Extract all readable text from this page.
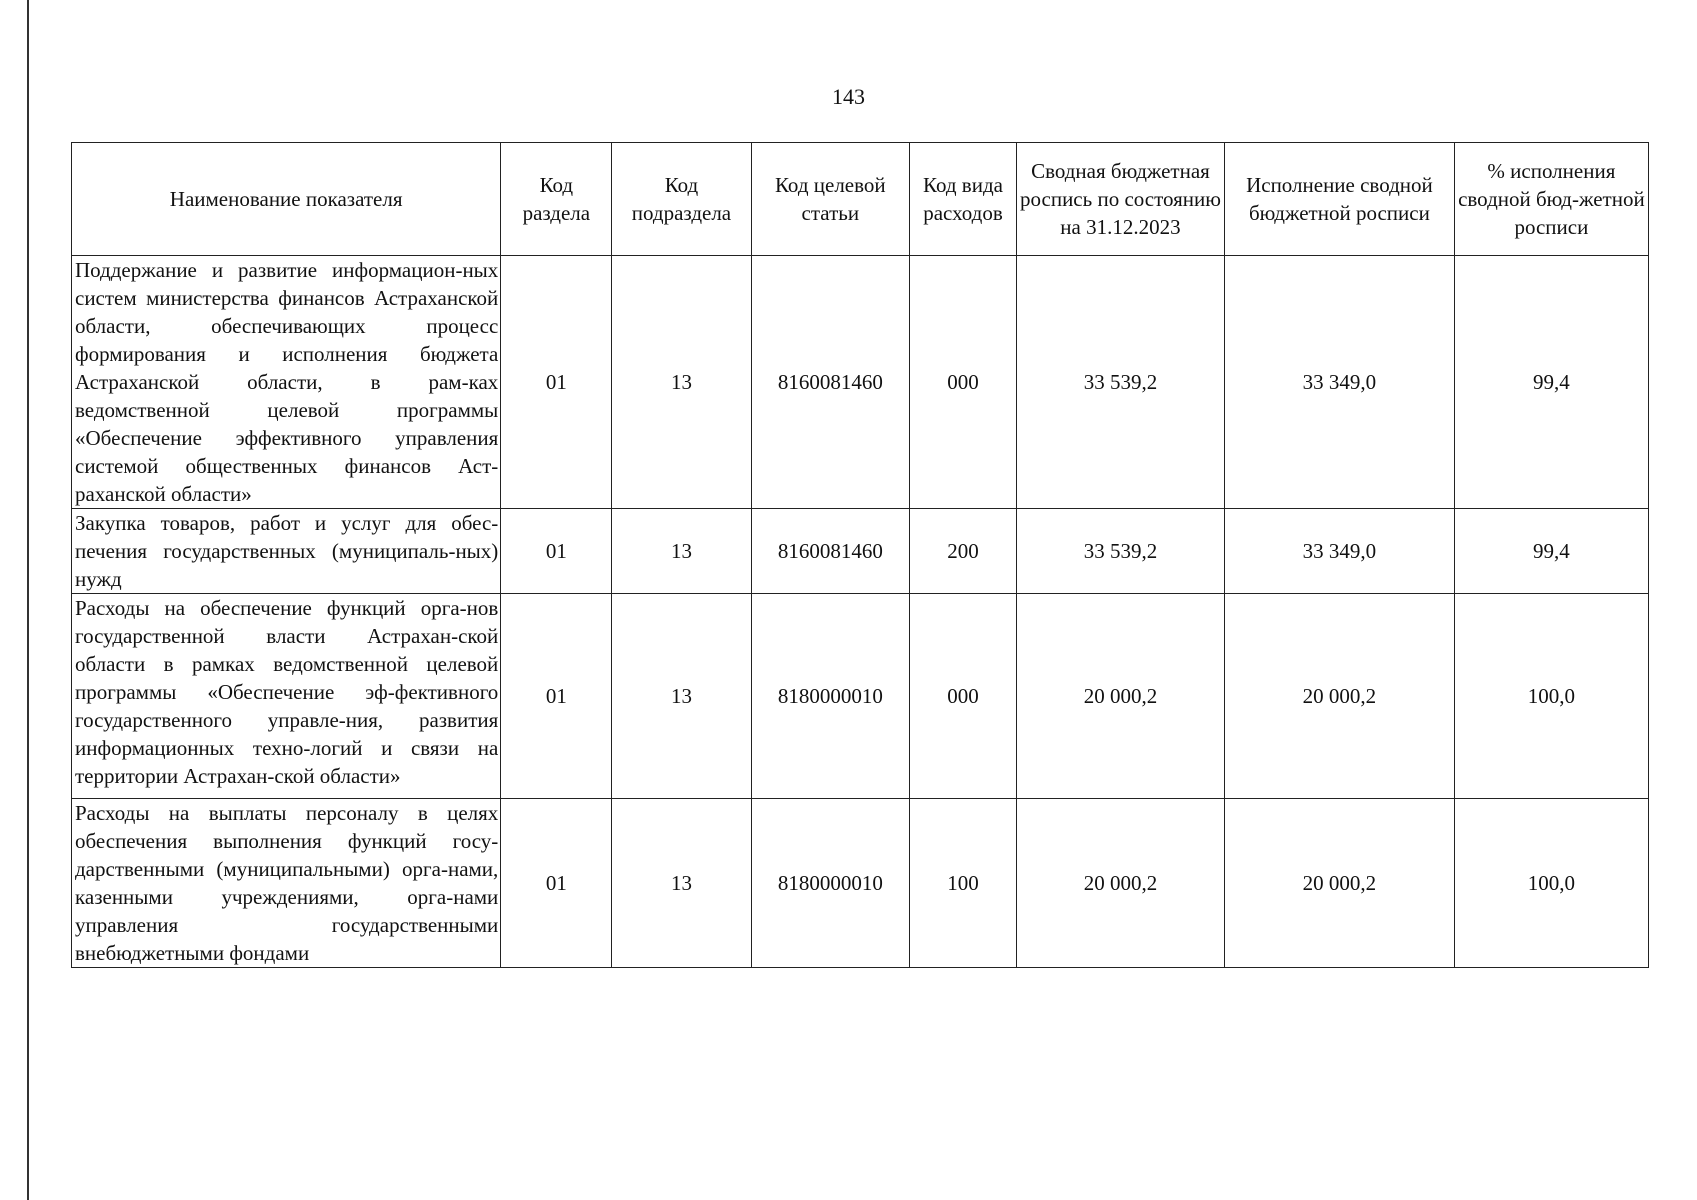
143
Наименование показателя	Код раздела	Код подраздела	Код целевой статьи	Код вида расходов	Сводная бюджетная роспись по состоянию на 31.12.2023	Исполнение сводной бюджетной росписи	% исполнения сводной бюд-жетной росписи
Поддержание и развитие информацион-ных систем министерства финансов Астраханской области, обеспечивающих процесс формирования и исполнения бюджета Астраханской области, в рам-ках ведомственной целевой программы «Обеспечение эффективного управления системой общественных финансов Аст-раханской области»	01	13	8160081460	000	33 539,2	33 349,0	99,4
Закупка товаров, работ и услуг для обес-печения государственных (муниципаль-ных) нужд	01	13	8160081460	200	33 539,2	33 349,0	99,4
Расходы на обеспечение функций орга-нов государственной власти Астрахан-ской области в рамках ведомственной целевой программы «Обеспечение эф-фективного государственного управле-ния, развития информационных техно-логий и связи на территории Астрахан-ской области»	01	13	8180000010	000	20 000,2	20 000,2	100,0
Расходы на выплаты персоналу в целях обеспечения выполнения функций госу-дарственными (муниципальными) орга-нами, казенными учреждениями, орга-нами управления государственными внебюджетными фондами	01	13	8180000010	100	20 000,2	20 000,2	100,0
